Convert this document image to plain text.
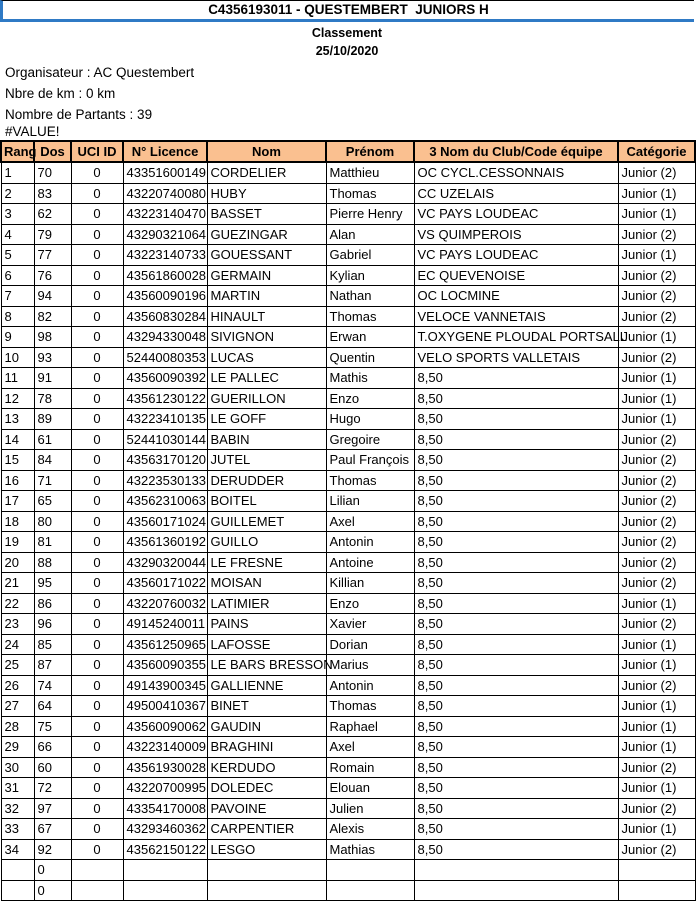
C4356193011 - QUESTEMBERT  JUNIORS H
Classement
25/10/2020
Organisateur : AC Questembert
Nbre de km : 0 km
Nombre de Partants : 39
#VALUE!
Rang	Dos	UCI ID	N° Licence	Nom	Prénom	3 Nom du Club/Code équipe	Catégorie
1	70	0	43351600149	CORDELIER	Matthieu	OC CYCL.CESSONNAIS	Junior (2)
2	83	0	43220740080	HUBY	Thomas	CC UZELAIS	Junior (1)
3	62	0	43223140470	BASSET	Pierre Henry	VC PAYS LOUDEAC	Junior (1)
4	79	0	43290321064	GUEZINGAR	Alan	VS QUIMPEROIS	Junior (2)
5	77	0	43223140733	GOUESSANT	Gabriel	VC PAYS LOUDEAC	Junior (1)
6	76	0	43561860028	GERMAIN	Kylian	EC QUEVENOISE	Junior (2)
7	94	0	43560090196	MARTIN	Nathan	OC LOCMINE	Junior (2)
8	82	0	43560830284	HINAULT	Thomas	VELOCE VANNETAIS	Junior (2)
9	98	0	43294330048	SIVIGNON	Erwan	T.OXYGENE PLOUDAL PORTSALL	Junior (1)
10	93	0	52440080353	LUCAS	Quentin	VELO SPORTS VALLETAIS	Junior (2)
11	91	0	43560090392	LE PALLEC	Mathis	8,50	Junior (1)
12	78	0	43561230122	GUERILLON	Enzo	8,50	Junior (1)
13	89	0	43223410135	LE GOFF	Hugo	8,50	Junior (1)
14	61	0	52441030144	BABIN	Gregoire	8,50	Junior (2)
15	84	0	43563170120	JUTEL	Paul François	8,50	Junior (2)
16	71	0	43223530133	DERUDDER	Thomas	8,50	Junior (2)
17	65	0	43562310063	BOITEL	Lilian	8,50	Junior (2)
18	80	0	43560171024	GUILLEMET	Axel	8,50	Junior (2)
19	81	0	43561360192	GUILLO	Antonin	8,50	Junior (2)
20	88	0	43290320044	LE FRESNE	Antoine	8,50	Junior (2)
21	95	0	43560171022	MOISAN	Killian	8,50	Junior (2)
22	86	0	43220760032	LATIMIER	Enzo	8,50	Junior (1)
23	96	0	49145240011	PAINS	Xavier	8,50	Junior (2)
24	85	0	43561250965	LAFOSSE	Dorian	8,50	Junior (1)
25	87	0	43560090355	LE BARS BRESSON	Marius	8,50	Junior (1)
26	74	0	49143900345	GALLIENNE	Antonin	8,50	Junior (2)
27	64	0	49500410367	BINET	Thomas	8,50	Junior (1)
28	75	0	43560090062	GAUDIN	Raphael	8,50	Junior (1)
29	66	0	43223140009	BRAGHINI	Axel	8,50	Junior (1)
30	60	0	43561930028	KERDUDO	Romain	8,50	Junior (2)
31	72	0	43220700995	DOLEDEC	Elouan	8,50	Junior (1)
32	97	0	43354170008	PAVOINE	Julien	8,50	Junior (2)
33	67	0	43293460362	CARPENTIER	Alexis	8,50	Junior (1)
34	92	0	43562150122	LESGO	Mathias	8,50	Junior (2)
	0						
	0						
